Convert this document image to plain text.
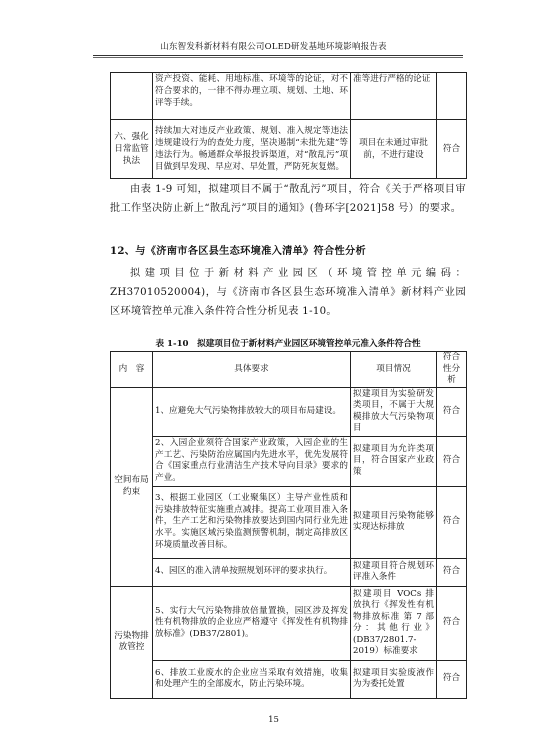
山东智发科新材料有限公司OLED研发基地环境影响报告表
	资产投资、能耗、用地标准、环境等的论证，对不符合要求的，一律不得办理立项、规划、土地、环评等手续。	准等进行严格的论证	
六、强化日常监管执法	持续加大对违反产业政策、规划、准入规定等违法违规建设行为的查处力度，坚决遏制“未批先建”等违法行为。畅通群众举报投诉渠道，对“散乱污”项目做到早发现、早应对、早处置，严防死灰复燃。	项目在未通过审批前，不进行建设	符合
由表 1-9 可知，拟建项目不属于“散乱污”项目，符合《关于严格项目审批工作坚决防止新上“散乱污”项目的通知》(鲁环字[2021]58 号）的要求。
12、与《济南市各区县生态环境准入清单》符合性分析
拟建项目位于新材料产业园区（环境管控单元编码：ZH37010520004)，与《济南市各区县生态环境准入清单》新材料产业园区环境管控单元准入条件符合性分析见表 1-10。
表 1-10　拟建项目位于新材料产业园区环境管控单元准入条件符合性
内　容	具体要求	项目情况	符合性分析
空间布局约束	1、应避免大气污染物排放较大的项目布局建设。	拟建项目为实验研发类项目，不属于大规模排放大气污染物项目	符合
	2、入园企业须符合国家产业政策，入园企业的生产工艺、污染防治应属国内先进水平，优先发展符合《国家重点行业清洁生产技术导向目录》要求的产业。	拟建项目为允许类项目，符合国家产业政策	符合
	3、根据工业园区（工业聚集区）主导产业性质和污染排放特征实施重点减排。提高工业项目准入条件，生产工艺和污染物排放要达到国内同行业先进水平。实施区域污染监测预警机制，制定高排放区环境质量改善目标。	拟建项目污染物能够实现达标排放	符合
	4、园区的准入清单按照规划环评的要求执行。	拟建项目符合规划环评准入条件	符合
污染物排放管控	5、实行大气污染物排放倍量置换，园区涉及挥发性有机物排放的企业应严格遵守《挥发性有机物排放标准》(DB37/2801)。	拟建项目 VOCs 排放执行《挥发性有机物排放标准 第 7 部分：其他行业》(DB37/2801.7-2019）标准要求	符合
	6、排放工业废水的企业应当采取有效措施，收集和处理产生的全部废水，防止污染环境。	拟建项目实验废液作为为委托处置	符合
15
